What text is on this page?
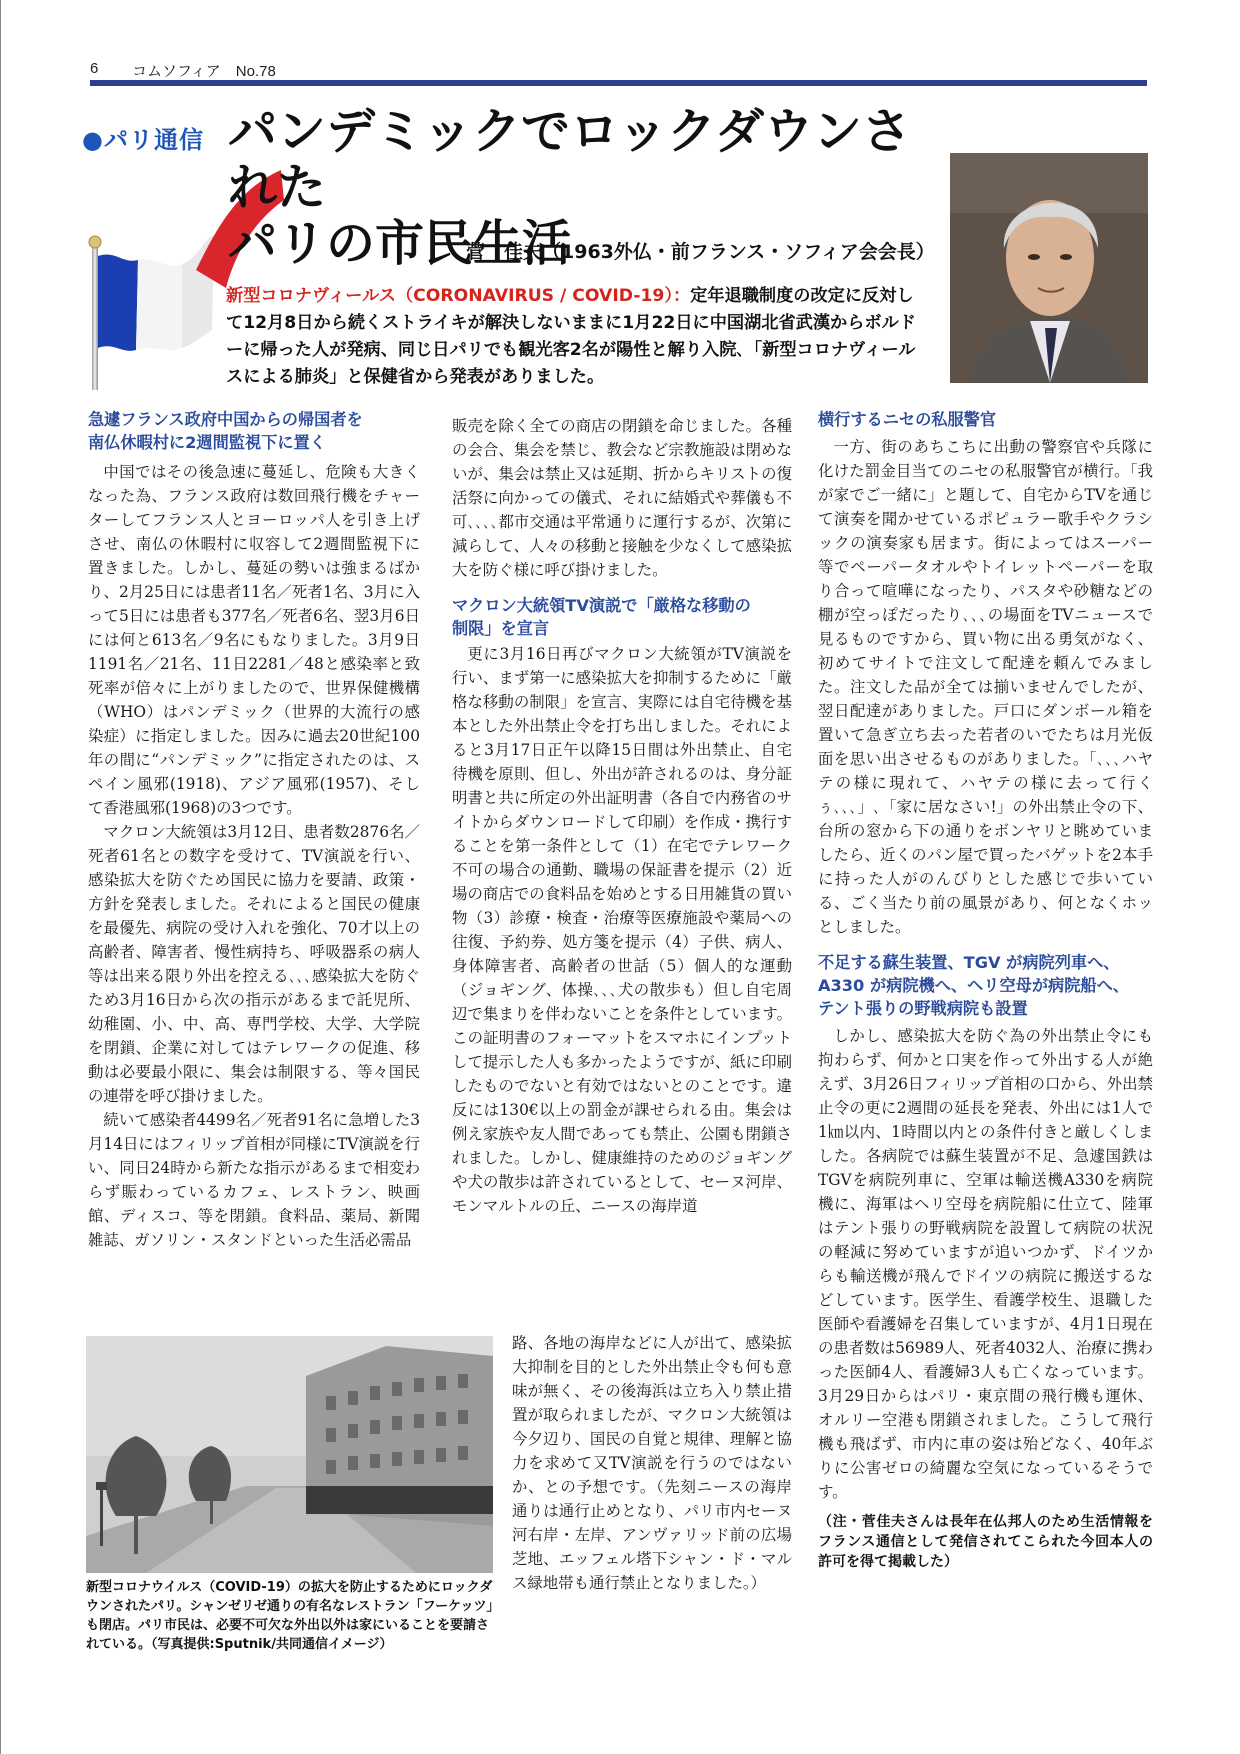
6 コムソフィア　No.78
●パリ通信 パンデミックでロックダウンされた
パリの市民生活
菅　佳夫（1963外仏・前フランス・ソフィア会会長）
新型コロナヴィールス（CORONAVIRUS / COVID-19）：定年退職制度の改定に反対して12月8日から続くストライキが解決しないままに1月22日に中国湖北省武漢からボルドーに帰った人が発病、同じ日パリでも観光客2名が陽性と解り入院､「新型コロナヴィールスによる肺炎」と保健省から発表がありました。
急遽フランス政府中国からの帰国者を
南仏休暇村に2週間監視下に置く

中国ではその後急速に蔓延し、危険も大きくなった為、フランス政府は数回飛行機をチャーターしてフランス人とヨーロッパ人を引き上げさせ、南仏の休暇村に収容して2週間監視下に置きました。しかし、蔓延の勢いは強まるばかり、2月25日には患者11名／死者1名、3月に入って5日には患者も377名／死者6名、翌3月6日には何と613名／9名にもなりました。3月9日1191名／21名、11日2281／48と感染率と致死率が倍々に上がりましたので、世界保健機構（WHO）はパンデミック（世界的大流行の感染症）に指定しました。因みに過去20世紀100年の間に“パンデミック”に指定されたのは、スペイン風邪(1918)、アジア風邪(1957)、そして香港風邪(1968)の3つです。

マクロン大統領は3月12日、患者数2876名／死者61名との数字を受けて、TV演説を行い、感染拡大を防ぐため国民に協力を要請、政策・方針を発表しました。それによると国民の健康を最優先、病院の受け入れを強化、70才以上の高齢者、障害者、慢性病持ち、呼吸器系の病人等は出来る限り外出を控える､､､感染拡大を防ぐため3月16日から次の指示があるまで託児所、幼稚園、小、中、高、専門学校、大学、大学院を閉鎖、企業に対してはテレワークの促進、移動は必要最小限に、集会は制限する、等々国民の連帯を呼び掛けました。

続いて感染者4499名／死者91名に急増した3月14日にはフィリップ首相が同様にTV演説を行い、同日24時から新たな指示があるまで相変わらず賑わっているカフェ、レストラン、映画館、ディスコ、等を閉鎖。食料品、薬局、新聞雑誌、ガソリン・スタンドといった生活必需品

販売を除く全ての商店の閉鎖を命じました。各種の会合、集会を禁じ、教会など宗教施設は閉めないが、集会は禁止又は延期、折からキリストの復活祭に向かっての儀式、それに結婚式や葬儀も不可､､､､都市交通は平常通りに運行するが、次第に減らして、人々の移動と接触を少なくして感染拡大を防ぐ様に呼び掛けました。

マクロン大統領TV演説で「厳格な移動の
制限」を宣言

更に3月16日再びマクロン大統領がTV演説を行い、まず第一に感染拡大を抑制するために「厳格な移動の制限」を宣言、実際には自宅待機を基本とした外出禁止令を打ち出しました。それによると3月17日正午以降15日間は外出禁止、自宅待機を原則、但し、外出が許されるのは、身分証明書と共に所定の外出証明書（各自で内務省のサイトからダウンロードして印刷）を作成・携行することを第一条件として（1）在宅でテレワーク不可の場合の通勤、職場の保証書を提示（2）近場の商店での食料品を始めとする日用雑貨の買い物（3）診療・検査・治療等医療施設や薬局への往復、予約券、処方箋を提示（4）子供、病人、身体障害者、高齢者の世話（5）個人的な運動（ジョギング、体操､､､犬の散歩も）但し自宅周辺で集まりを伴わないことを条件としています。この証明書のフォーマットをスマホにインプットして提示した人も多かったようですが、紙に印刷したものでないと有効ではないとのことです。違反には130€以上の罰金が課せられる由。集会は例え家族や友人間であっても禁止、公園も閉鎖されました。しかし、健康維持のためのジョギングや犬の散歩は許されているとして、セーヌ河岸、モンマルトルの丘、ニースの海岸道

路、各地の海岸などに人が出て、感染拡大抑制を目的とした外出禁止令も何も意味が無く、その後海浜は立ち入り禁止措置が取られましたが、マクロン大統領は今夕辺り、国民の自覚と規律、理解と協力を求めて又TV演説を行うのではないか、との予想です。（先刻ニースの海岸通りは通行止めとなり、パリ市内セーヌ河右岸・左岸、アンヴァリッド前の広場芝地、エッフェル塔下シャン・ド・マルス緑地帯も通行禁止となりました。）

新型コロナウイルス（COVID-19）の拡大を防止するためにロックダウンされたパリ。シャンゼリゼ通りの有名なレストラン「フーケッツ」も閉店。パリ市民は、必要不可欠な外出以外は家にいることを要請されている。（写真提供:Sputnik/共同通信イメージ）
横行するニセの私服警官

一方、街のあちこちに出動の警察官や兵隊に化けた罰金目当てのニセの私服警官が横行。「我が家でご一緒に」と題して、自宅からTVを通じて演奏を聞かせているポピュラー歌手やクラシックの演奏家も居ます。街によってはスーパー等でペーパータオルやトイレットペーパーを取り合って喧嘩になったり、パスタや砂糖などの棚が空っぽだったり､､､の場面をTVニュースで見るものですから、買い物に出る勇気がなく、初めてサイトで注文して配達を頼んでみました。注文した品が全ては揃いませんでしたが、翌日配達がありました。戸口にダンボール箱を置いて急ぎ立ち去った若者のいでたちは月光仮面を思い出させるものがありました。「､､､ハヤテの様に現れて、ハヤテの様に去って行くぅ､､､」､「家に居なさい!」の外出禁止令の下、台所の窓から下の通りをボンヤリと眺めていましたら、近くのパン屋で買ったバゲットを2本手に持った人がのんびりとした感じで歩いている、ごく当たり前の風景があり、何となくホッとしました。

不足する蘇生装置、TGV が病院列車へ、
A330 が病院機へ、ヘリ空母が病院船へ、
テント張りの野戦病院も設置

しかし、感染拡大を防ぐ為の外出禁止令にも拘わらず、何かと口実を作って外出する人が絶えず、3月26日フィリップ首相の口から、外出禁止令の更に2週間の延長を発表、外出には1人で1㎞以内、1時間以内との条件付きと厳しくしました。各病院では蘇生装置が不足、急遽国鉄はTGVを病院列車に、空軍は輸送機A330を病院機に、海軍はヘリ空母を病院船に仕立て、陸軍はテント張りの野戦病院を設置して病院の状況の軽減に努めていますが追いつかず、ドイツからも輸送機が飛んでドイツの病院に搬送するなどしています。医学生、看護学校生、退職した医師や看護婦を召集していますが、4月1日現在の患者数は56989人、死者4032人、治療に携わった医師4人、看護婦3人も亡くなっています。3月29日からはパリ・東京間の飛行機も運休、オルリー空港も閉鎖されました。こうして飛行機も飛ばず、市内に車の姿は殆どなく、40年ぶりに公害ゼロの綺麗な空気になっているそうです。

（注・菅佳夫さんは長年在仏邦人のため生活情報をフランス通信として発信されてこられた今回本人の許可を得て掲載した）
